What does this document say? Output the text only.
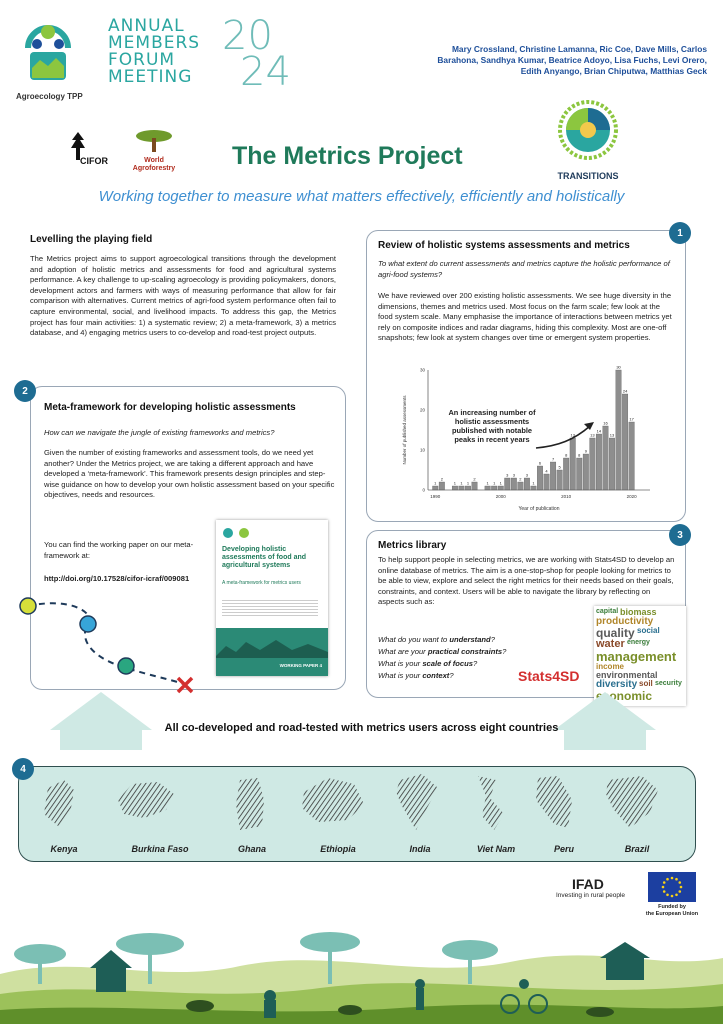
Agroecology TPP
ANNUAL
MEMBERS
FORUM
MEETING
20
24	Mary Crossland, Christine Lamanna, Ric Coe, Dave Mills, Carlos
Barahona, Sandhya Kumar, Beatrice Adoyo, Lisa Fuchs, Levi Orero,
Edith Anyango, Brian Chiputwa, Matthias Geck
CIFOR	World
Agroforestry	The Metrics Project
TRANSITIONS
Working together to measure what matters effectively, efficiently and holistically
Levelling the playing field
The Metrics project aims to support agroecological transitions through the development and adoption of holistic metrics and assessments for food and agricultural systems performance. A key challenge to up-scaling agroecology is providing policymakers, donors, development actors and farmers with ways of measuring performance that allow for fair comparison with alternatives. Current metrics of agri-food system performance often fail to capture environmental, social, and livelihood impacts. To address this gap, the Metrics project has four main activities: 1) a systematic review; 2) a meta-framework, 3) a metrics database, and 4) engaging metrics users to co-develop and road-test project outputs.
1
Review of holistic systems assessments and metrics
To what extent do current assessments and metrics capture the holistic performance of agri-food systems?
We have reviewed over 200 existing holistic assessments. We see huge diversity in the dimensions, themes and metrics used. Most focus on the farm scale; few look at the food system scale. Many emphasise the importance of interactions between metrics yet rely on composite indices and radar diagrams, hiding this complexity. Most are one-off snapshots; few look at system changes over time or emergent system properties.
1
2
1 1 1
2
1 1 1
3 3
2
3
1
6
4
7
5
8
13
8
9
13
14
16
13
30
24
17
0
10
20
30
1990	2000	2010	2020
Year of publication
Number of published assessments	An increasing number of holistic assessments published with notable peaks in recent years
2
Meta-framework for developing holistic assessments
How can we navigate the jungle of existing frameworks and metrics?
Given the number of existing frameworks and assessment tools, do we need yet another? Under the Metrics project, we are taking a different approach and have developed a ‘meta-framework’. This framework presents design principles and step-wise guidance on how to develop your own holistic assessment based on your specific objectives, needs and resources.
You can find the working paper on our meta-framework at:
http://doi.org/10.17528/cifor-icraf/009081
Developing holistic assessments of food and agricultural systems
A meta-framework for metrics users
WORKING PAPER 4
3
Metrics library
To help support people in selecting metrics, we are working with Stats4SD to develop an online database of metrics. The aim is a one-stop-shop for people looking for metrics to be able to view, explore and select the right metrics for their needs based on their goals, constraints, and context. Users will be able to navigate the library by reflecting on aspects such as:
What do you want to understand?
What are your practical constraints?
What is your scale of focus?
What is your context?	Stats4SD
capital biomass
productivity
quality social
water energy
management
income
environmental
diversity soil security
economic
All co-developed and road-tested with metrics users across eight countries
4
Kenya	Burkina Faso	Ghana	Ethiopia	India	Viet Nam	Peru	Brazil
IFAD
Investing in rural people
Funded by
the European Union
